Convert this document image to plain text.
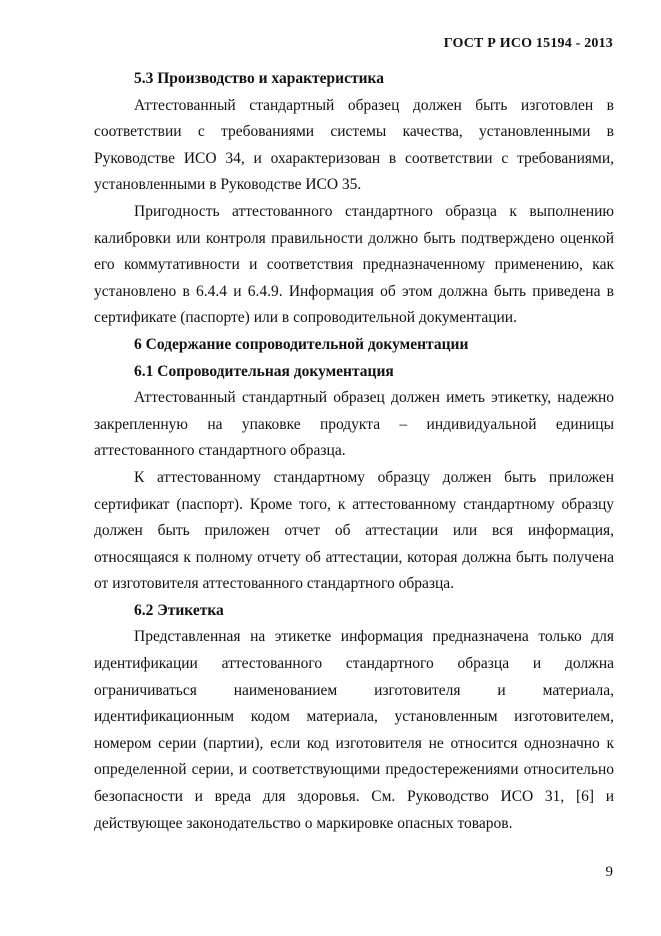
ГОСТ Р ИСО 15194 - 2013

5.3 Производство и характеристика

Аттестованный стандартный образец должен быть изготовлен в соответствии с требованиями системы качества, установленными в Руководстве ИСО 34, и охарактеризован в соответствии с требованиями, установленными в Руководстве ИСО 35.

Пригодность аттестованного стандартного образца к выполнению калибровки или контроля правильности должно быть подтверждено оценкой его коммутативности и соответствия предназначенному применению, как установлено в 6.4.4 и 6.4.9. Информация об этом должна быть приведена в сертификате (паспорте) или в сопроводительной документации.

6 Содержание сопроводительной документации

6.1 Сопроводительная документация

Аттестованный стандартный образец должен иметь этикетку, надежно закрепленную на упаковке продукта – индивидуальной единицы аттестованного стандартного образца.

К аттестованному стандартному образцу должен быть приложен сертификат (паспорт). Кроме того, к аттестованному стандартному образцу должен быть приложен отчет об аттестации или вся информация, относящаяся к полному отчету об аттестации, которая должна быть получена от изготовителя аттестованного стандартного образца.

6.2 Этикетка

Представленная на этикетке информация предназначена только для идентификации аттестованного стандартного образца и должна ограничиваться наименованием изготовителя и материала, идентификационным кодом материала, установленным изготовителем, номером серии (партии), если код изготовителя не относится однозначно к определенной серии, и соответствующими предостережениями относительно безопасности и вреда для здоровья. См. Руководство ИСО 31, [6] и действующее законодательство о маркировке опасных товаров.

9
